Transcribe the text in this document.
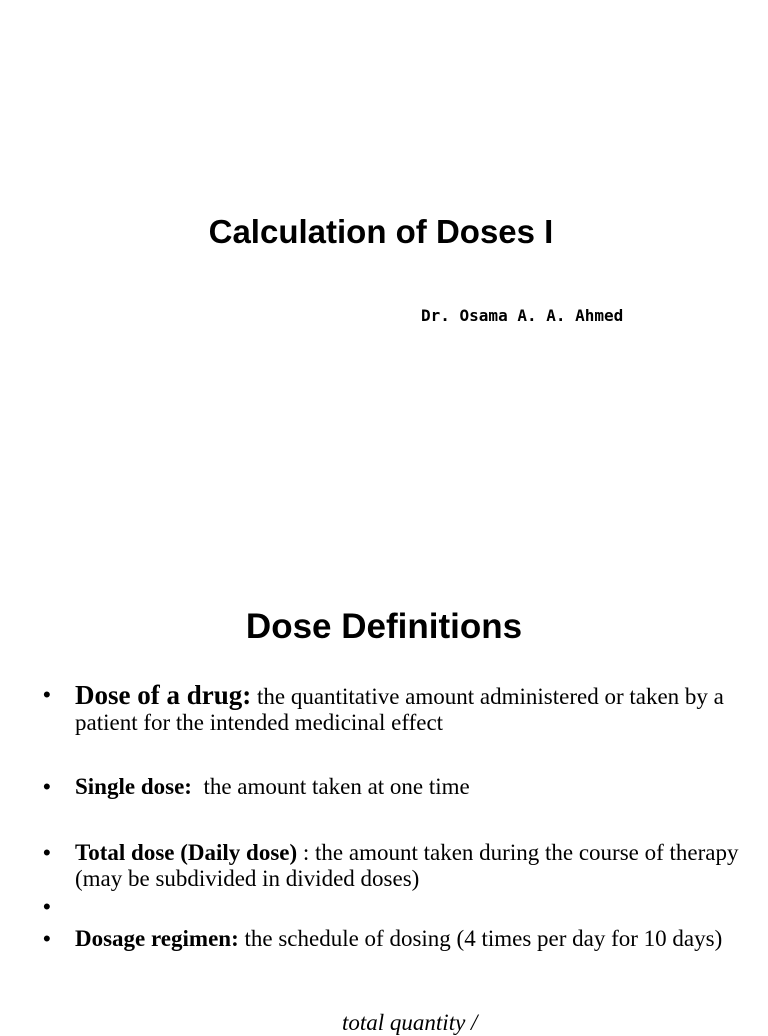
Calculation of Doses I

Dr. Osama A. A. Ahmed

Dose Definitions
• Dose of a drug: the quantitative amount administered or taken by a patient for the intended medicinal effect
• Single dose:  the amount taken at one time
• Total dose (Daily dose) : the amount taken during the course of therapy (may be subdivided in divided doses)
•
• Dosage regimen: the schedule of dosing (4 times per day for 10 days)
total quantity /
